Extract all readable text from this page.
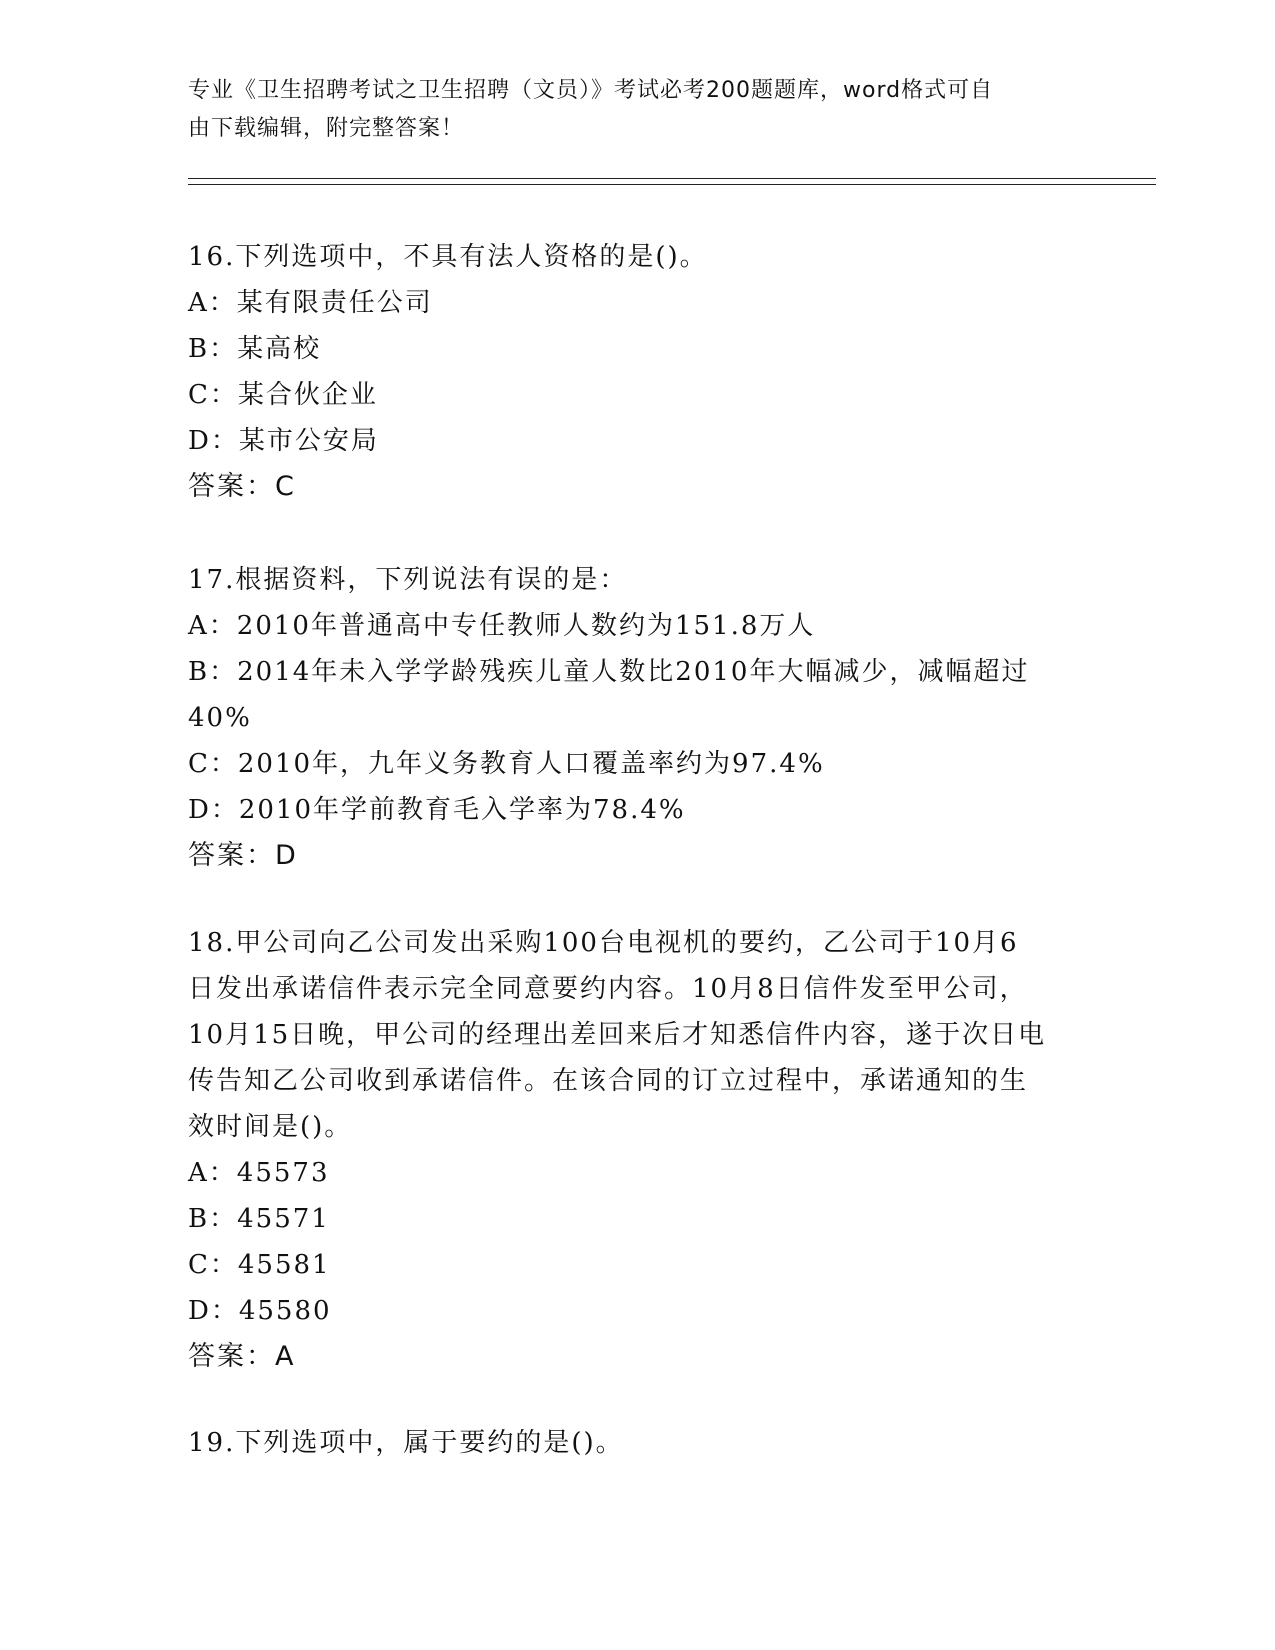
专业《卫生招聘考试之卫生招聘（文员）》考试必考200题题库，word格式可自
由下载编辑，附完整答案！
16.下列选项中，不具有法人资格的是()。
A：某有限责任公司
B：某高校
C：某合伙企业
D：某市公安局
答案：C
17.根据资料，下列说法有误的是：
A：2010年普通高中专任教师人数约为151.8万人
B：2014年未入学学龄残疾儿童人数比2010年大幅减少，减幅超过
40%
C：2010年，九年义务教育人口覆盖率约为97.4%
D：2010年学前教育毛入学率为78.4%
答案：D
18.甲公司向乙公司发出采购100台电视机的要约，乙公司于10月6
日发出承诺信件表示完全同意要约内容。10月8日信件发至甲公司，
10月15日晚，甲公司的经理出差回来后才知悉信件内容，遂于次日电
传告知乙公司收到承诺信件。在该合同的订立过程中，承诺通知的生
效时间是()。
A：45573
B：45571
C：45581
D：45580
答案：A
19.下列选项中，属于要约的是()。
